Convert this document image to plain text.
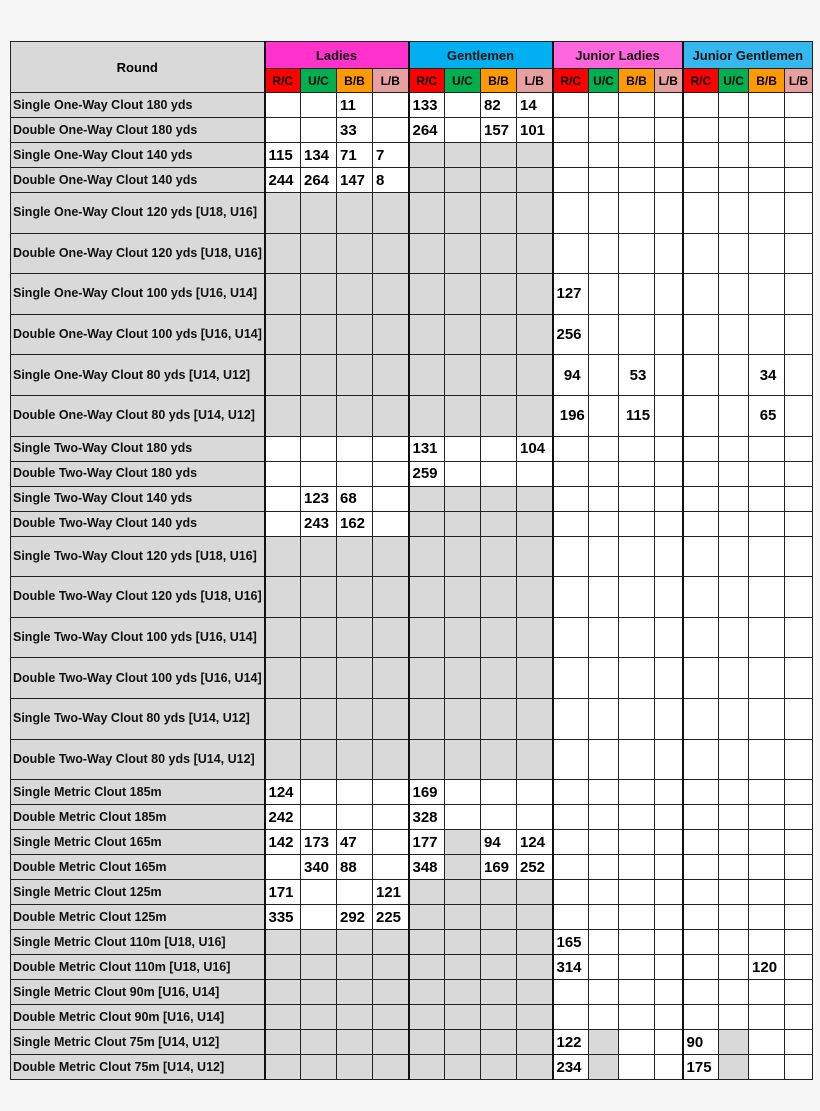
Round	Ladies				Gentlemen				Junior Ladies				Junior Gentlemen			
	R/C	U/C	B/B	L/B	R/C	U/C	B/B	L/B	R/C	U/C	B/B	L/B	R/C	U/C	B/B	L/B
Single One-Way Clout 180 yds			11		133		82	14								
Double One-Way Clout 180 yds			33		264		157	101								
Single One-Way Clout 140 yds	115	134	71	7												
Double One-Way Clout 140 yds	244	264	147	8												
Single One-Way Clout 120 yds [U18, U16]																
Double One-Way Clout 120 yds [U18, U16]																
Single One-Way Clout 100 yds [U16, U14]									127							
Double One-Way Clout 100 yds [U16, U14]									256							
Single One-Way Clout 80 yds [U14, U12]									94		53				34	
Double One-Way Clout 80 yds [U14, U12]									196		115				65	
Single Two-Way Clout 180 yds					131			104								
Double Two-Way Clout 180 yds					259											
Single Two-Way Clout 140 yds		123	68													
Double Two-Way Clout 140 yds		243	162													
Single Two-Way Clout 120 yds [U18, U16]																
Double Two-Way Clout 120 yds [U18, U16]																
Single Two-Way Clout 100 yds [U16, U14]																
Double Two-Way Clout 100 yds [U16, U14]																
Single Two-Way Clout 80 yds [U14, U12]																
Double Two-Way Clout 80 yds [U14, U12]																
Single Metric Clout 185m	124				169											
Double Metric Clout 185m	242				328											
Single Metric Clout 165m	142	173	47		177		94	124								
Double Metric Clout 165m		340	88		348		169	252								
Single Metric Clout 125m	171			121												
Double Metric Clout 125m	335		292	225												
Single Metric Clout 110m [U18, U16]									165							
Double Metric Clout 110m [U18, U16]									314						120	
Single Metric Clout 90m [U16, U14]																
Double Metric Clout 90m [U16, U14]																
Single Metric Clout 75m [U14, U12]									122				90			
Double Metric Clout 75m [U14, U12]									234				175			
